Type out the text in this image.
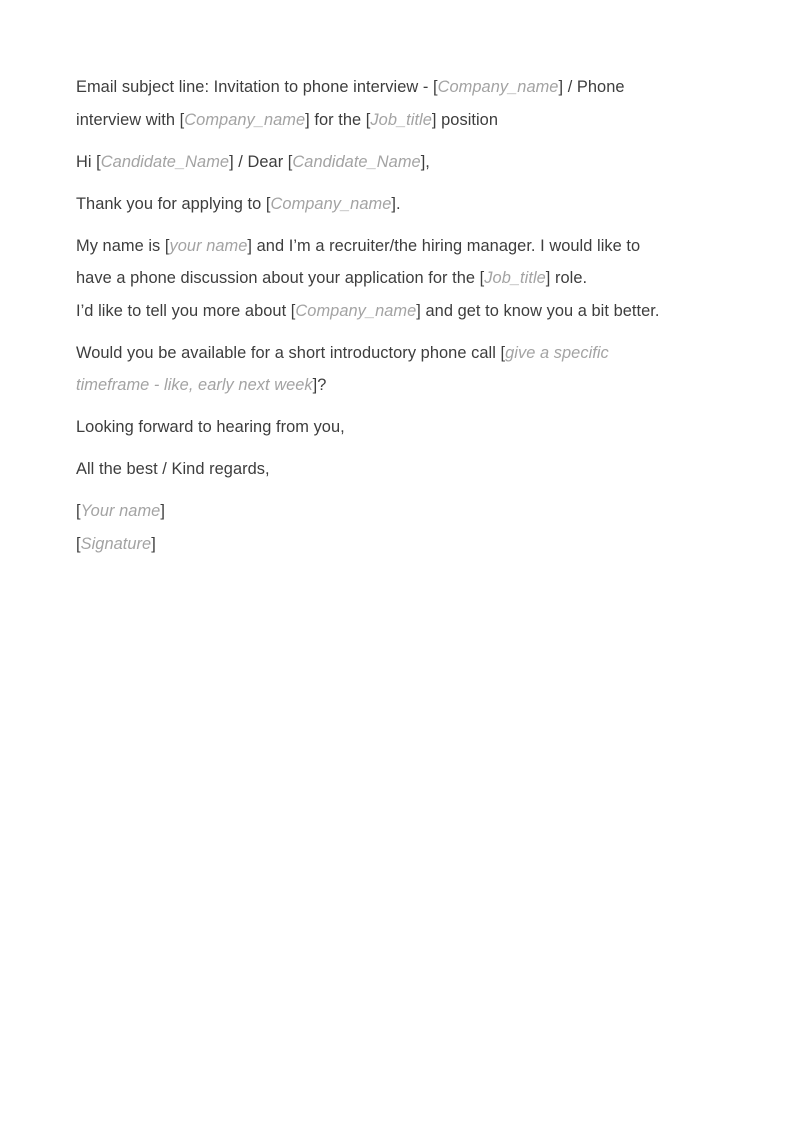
Email subject line: Invitation to phone interview - [Company_name] / Phone
interview with [Company_name] for the [Job_title] position

Hi [Candidate_Name] / Dear [Candidate_Name],

Thank you for applying to [Company_name].

My name is [your name] and I’m a recruiter/the hiring manager. I would like to
have a phone discussion about your application for the [Job_title] role.
I’d like to tell you more about [Company_name] and get to know you a bit better.

Would you be available for a short introductory phone call [give a specific
timeframe - like, early next week]?

Looking forward to hearing from you,

All the best / Kind regards,

[Your name]
[Signature]
